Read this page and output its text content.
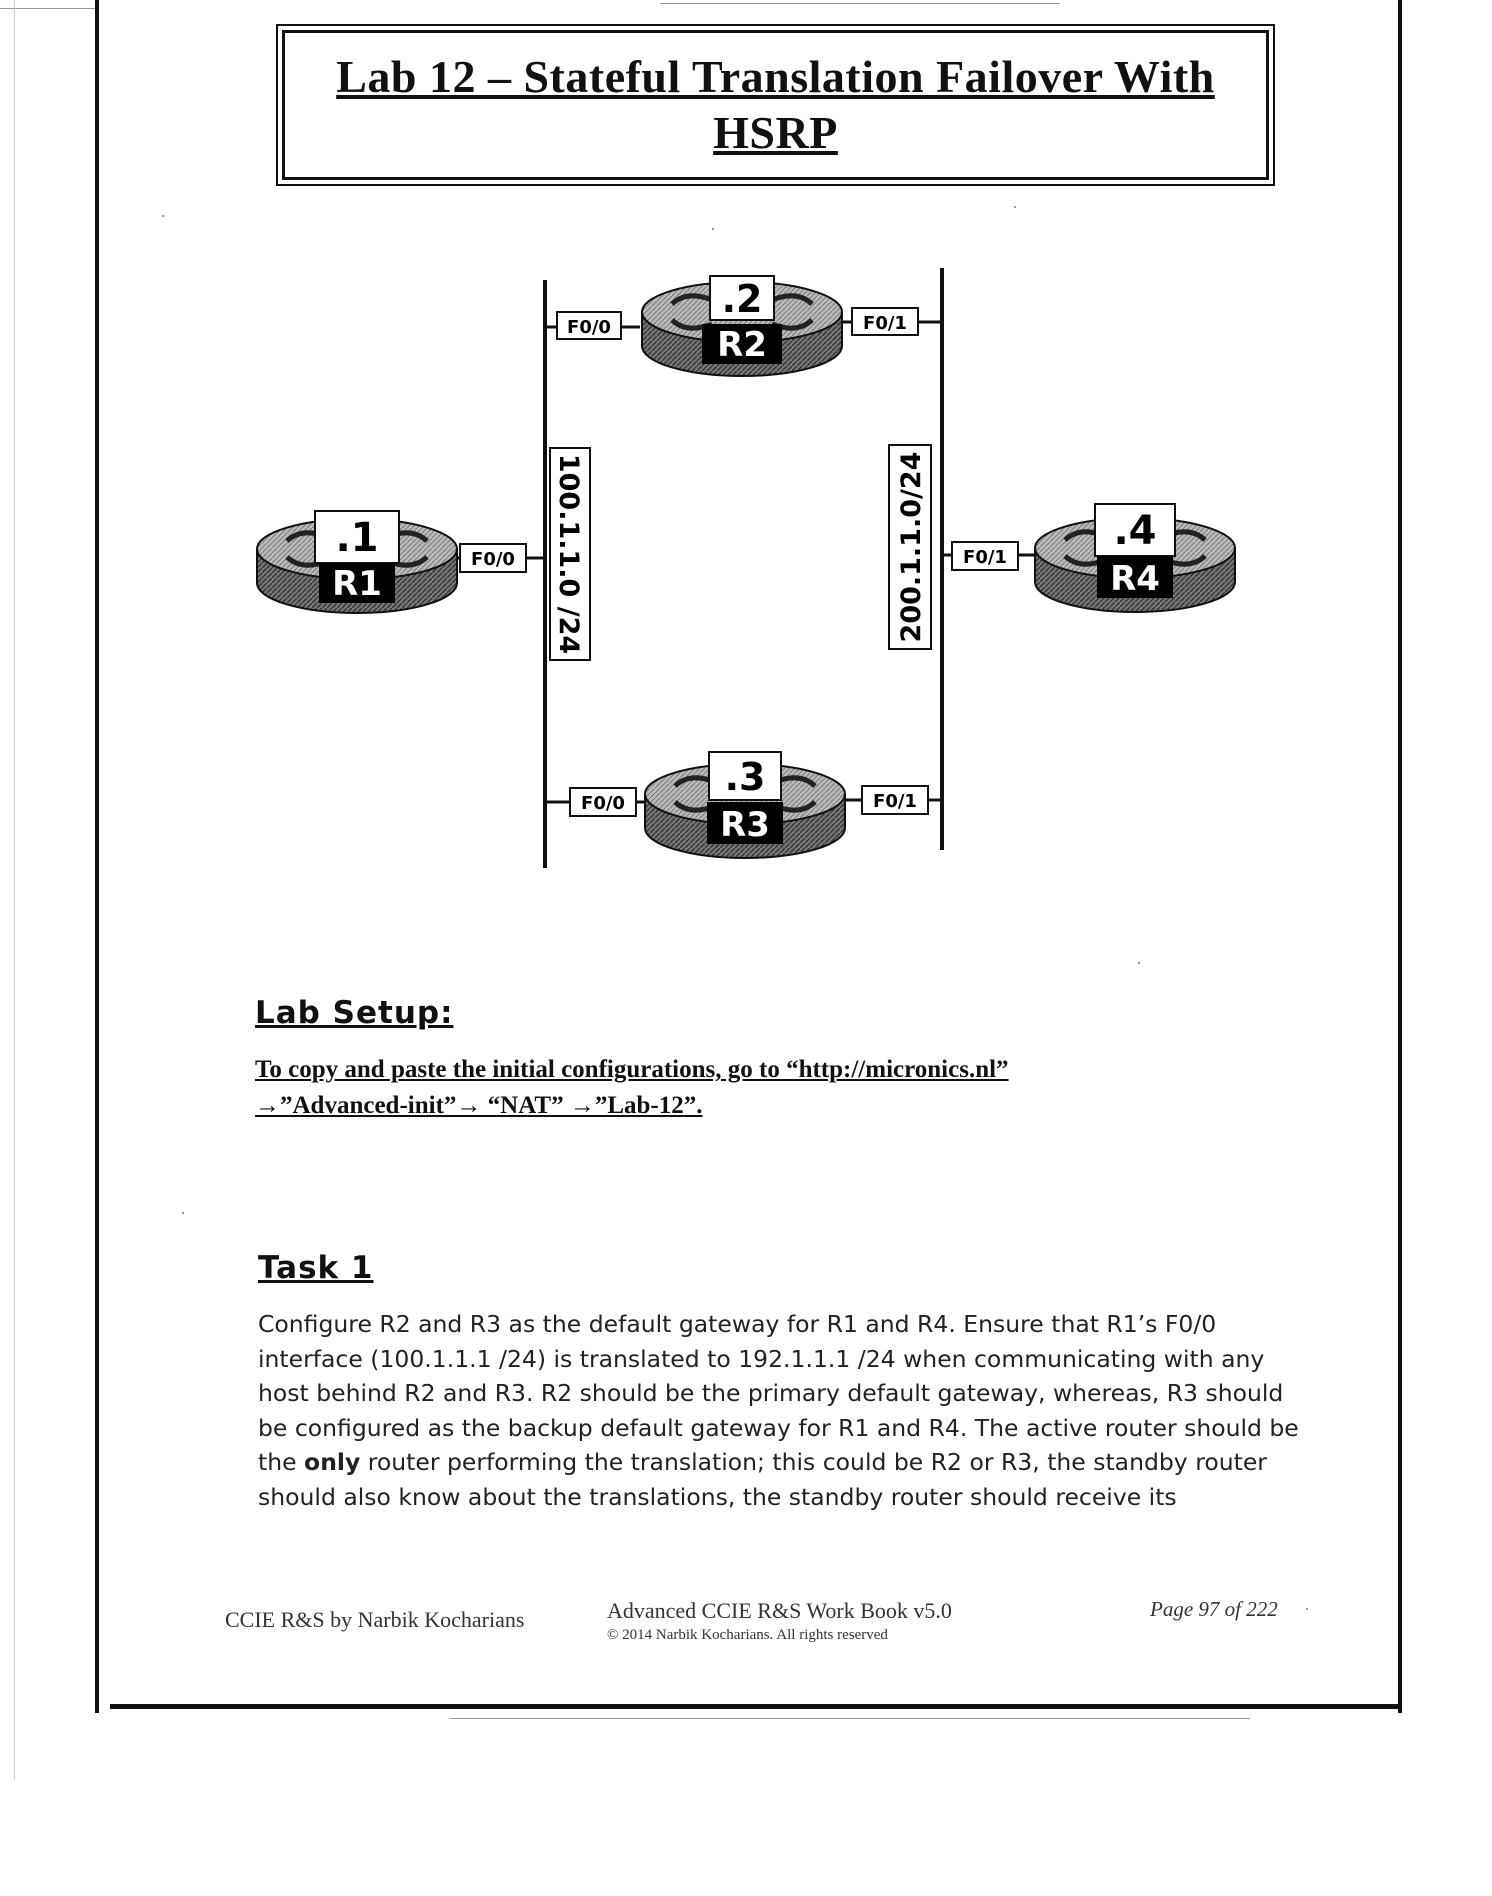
Lab 12 – Stateful Translation Failover With
HSRP
.2
R2
.1
R1
.4
R4
.3
R3
F0/0	F0/1
F0/0	F0/1
F0/0	F0/1
100.1.1.0 /24	200.1.1.0/24
Lab Setup:
To copy and paste the initial configurations, go to “http://micronics.nl”
→”Advanced-init”→ “NAT” →”Lab-12”.
Task 1

Configure R2 and R3 as the default gateway for R1 and R4. Ensure that R1’s F0/0

interface (100.1.1.1 /24) is translated to 192.1.1.1 /24 when communicating with any

host behind R2 and R3. R2 should be the primary default gateway, whereas, R3 should

be configured as the backup default gateway for R1 and R4. The active router should be

the only router performing the translation; this could be R2 or R3, the standby router

should also know about the translations, the standby router should receive its

CCIE R&S by Narbik Kocharians	Advanced CCIE R&S Work Book v5.0
© 2014 Narbik Kocharians. All rights reserved
Page 97 of 222
